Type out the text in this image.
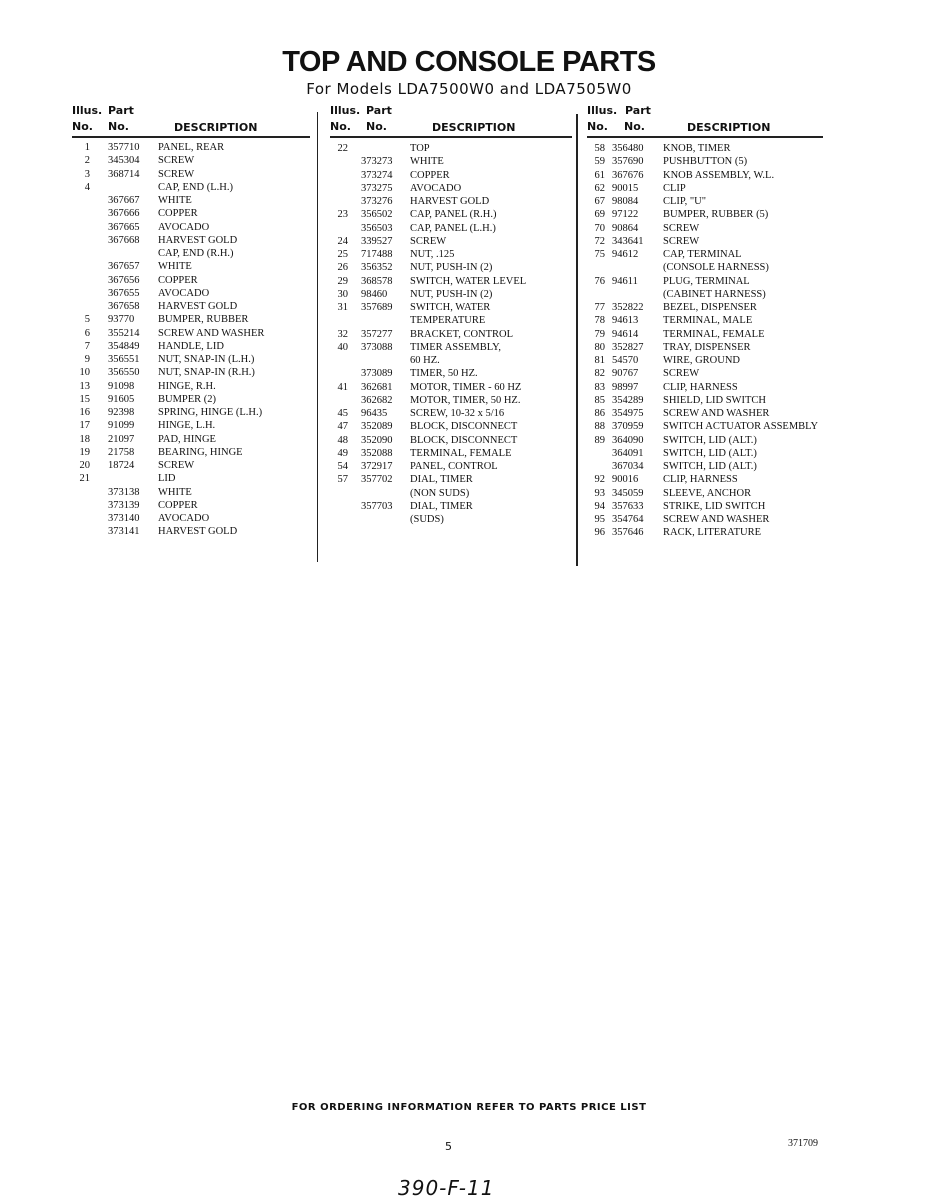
TOP AND CONSOLE PARTS
For Models LDA7500W0 and LDA7505W0
Illus. Part
No. No.	DESCRIPTION
1 357710 PANEL, REAR
2 345304 SCREW
3 368714 SCREW
4	CAP, END (L.H.)
367667 WHITE
367666 COPPER
367665 AVOCADO
367668 HARVEST GOLD
CAP, END (R.H.)
367657 WHITE
367656 COPPER
367655 AVOCADO
367658 HARVEST GOLD
5 93770 BUMPER, RUBBER
6 355214 SCREW AND WASHER
7 354849 HANDLE, LID
9 356551 NUT, SNAP-IN (L.H.)
10 356550 NUT, SNAP-IN (R.H.)
13 91098 HINGE, R.H.
15 91605 BUMPER (2)
16 92398 SPRING, HINGE (L.H.)
17 91099 HINGE, L.H.
18 21097 PAD, HINGE
19 21758 BEARING, HINGE
20 18724 SCREW
21	LID
373138 WHITE
373139 COPPER
373140 AVOCADO
373141 HARVEST GOLD
Illus. Part
No. No.	DESCRIPTION
22	TOP
373273 WHITE
373274 COPPER
373275 AVOCADO
373276 HARVEST GOLD
23 356502 CAP, PANEL (R.H.)
356503 CAP, PANEL (L.H.)
24 339527 SCREW
25 717488 NUT, .125
26 356352 NUT, PUSH-IN (2)
29 368578 SWITCH, WATER LEVEL
30 98460 NUT, PUSH-IN (2)
31 357689 SWITCH, WATER
TEMPERATURE
32 357277 BRACKET, CONTROL
40 373088 TIMER ASSEMBLY,
60 HZ.
373089 TIMER, 50 HZ.
41 362681 MOTOR, TIMER - 60 HZ
362682 MOTOR, TIMER, 50 HZ.
45 96435 SCREW, 10-32 x 5/16
47 352089 BLOCK, DISCONNECT
48 352090 BLOCK, DISCONNECT
49 352088 TERMINAL, FEMALE
54 372917 PANEL, CONTROL
57 357702 DIAL, TIMER
(NON SUDS)
357703 DIAL, TIMER
(SUDS)
Illus. Part
No. No.	DESCRIPTION
58 356480 KNOB, TIMER
59 357690 PUSHBUTTON (5)
61 367676 KNOB ASSEMBLY, W.L.
62 90015 CLIP
67 98084 CLIP, "U"
69 97122 BUMPER, RUBBER (5)
70 90864 SCREW
72 343641 SCREW
75 94612 CAP, TERMINAL
(CONSOLE HARNESS)
76 94611 PLUG, TERMINAL
(CABINET HARNESS)
77 352822 BEZEL, DISPENSER
78 94613 TERMINAL, MALE
79 94614 TERMINAL, FEMALE
80 352827 TRAY, DISPENSER
81 54570 WIRE, GROUND
82 90767 SCREW
83 98997 CLIP, HARNESS
85 354289 SHIELD, LID SWITCH
86 354975 SCREW AND WASHER
88 370959 SWITCH ACTUATOR ASSEMBLY
89 364090 SWITCH, LID (ALT.)
364091 SWITCH, LID (ALT.)
367034 SWITCH, LID (ALT.)
92 90016 CLIP, HARNESS
93 345059 SLEEVE, ANCHOR
94 357633 STRIKE, LID SWITCH
95 354764 SCREW AND WASHER
96 357646 RACK, LITERATURE
FOR ORDERING INFORMATION REFER TO PARTS PRICE LIST
5	371709
390-F-11
